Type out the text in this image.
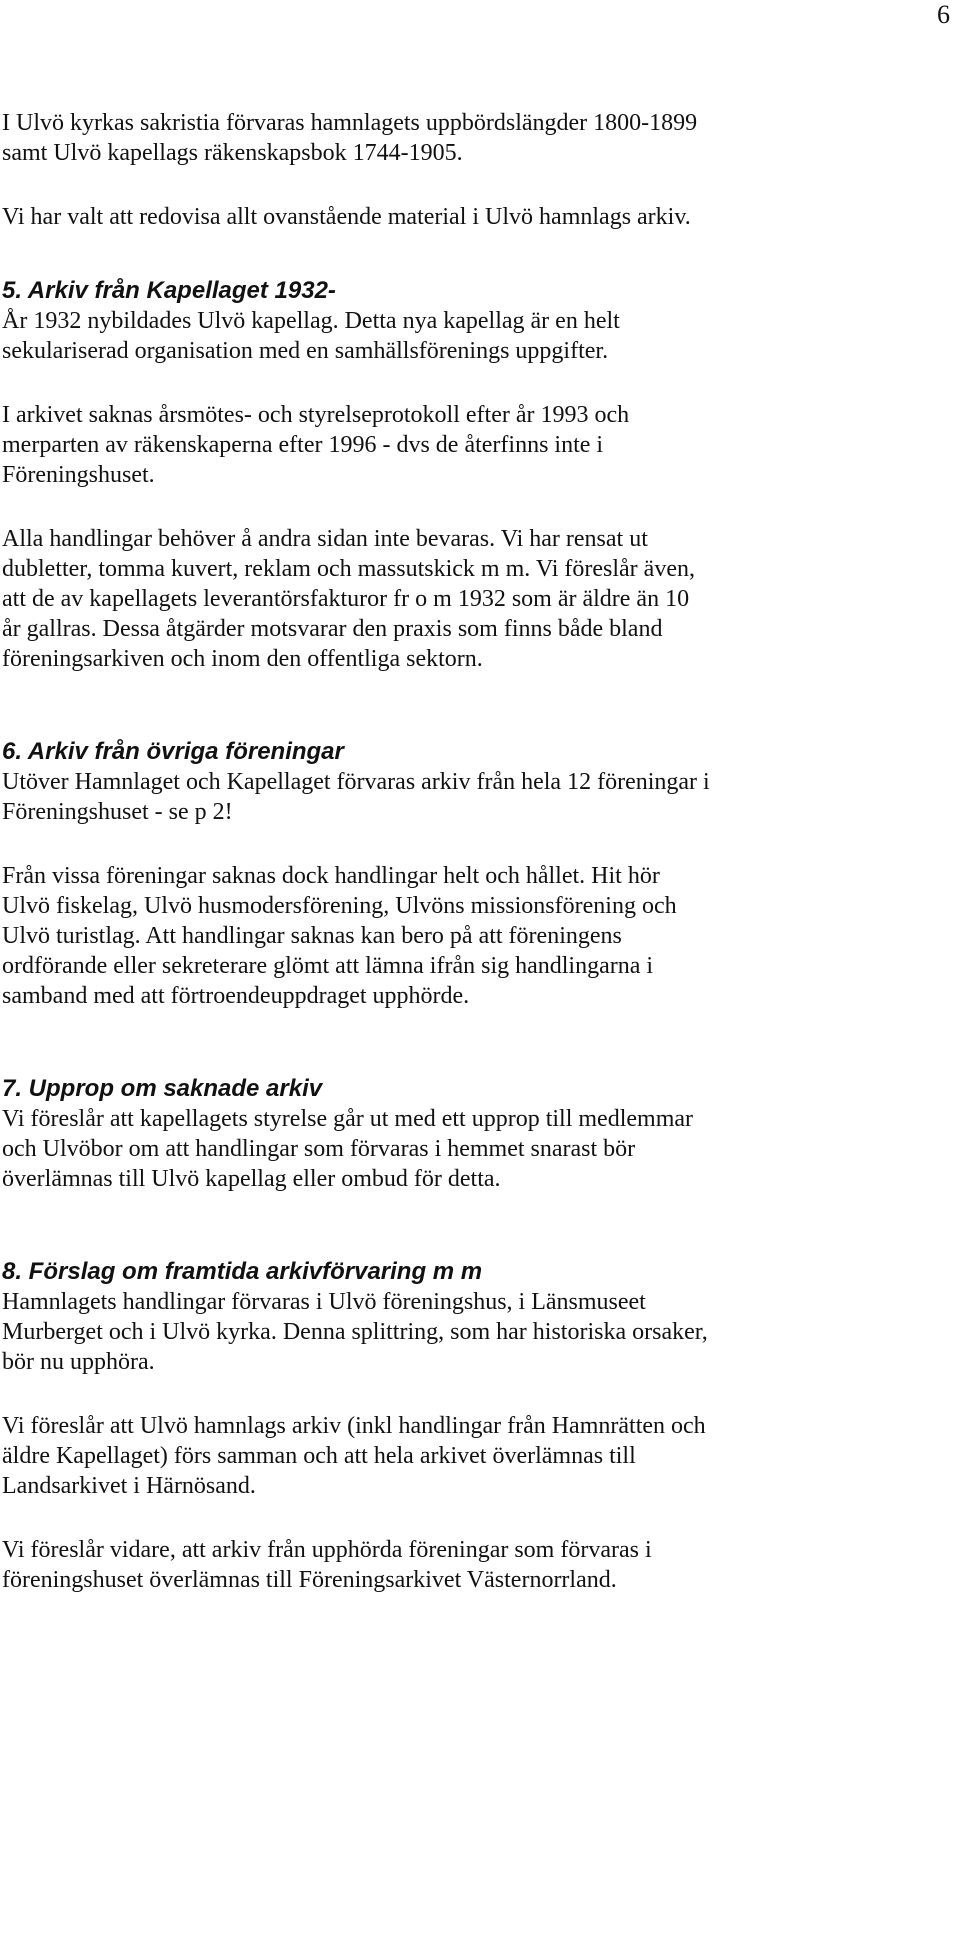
6

I Ulvö kyrkas sakristia förvaras hamnlagets uppbördslängder 1800-1899
samt Ulvö kapellags räkenskapsbok 1744-1905.

Vi har valt att redovisa allt ovanstående material i Ulvö hamnlags arkiv.

5. Arkiv från Kapellaget 1932-

År 1932 nybildades Ulvö kapellag. Detta nya kapellag är en helt
sekulariserad organisation med en samhällsförenings uppgifter.

I arkivet saknas årsmötes- och styrelseprotokoll efter år 1993 och
merparten av räkenskaperna efter 1996 - dvs de återfinns inte i
Föreningshuset.

Alla handlingar behöver å andra sidan inte bevaras. Vi har rensat ut
dubletter, tomma kuvert, reklam och massutskick m m. Vi föreslår även,
att de av kapellagets leverantörsfakturor fr o m 1932 som är äldre än 10
år gallras. Dessa åtgärder motsvarar den praxis som finns både bland
föreningsarkiven och inom den offentliga sektorn.

6. Arkiv från övriga föreningar

Utöver Hamnlaget och Kapellaget förvaras arkiv från hela 12 föreningar i
Föreningshuset - se p 2!

Från vissa föreningar saknas dock handlingar helt och hållet. Hit hör
Ulvö fiskelag, Ulvö husmodersförening, Ulvöns missionsförening och
Ulvö turistlag. Att handlingar saknas kan bero på att föreningens
ordförande eller sekreterare glömt att lämna ifrån sig handlingarna i
samband med att förtroendeuppdraget upphörde.

7. Upprop om saknade arkiv

Vi föreslår att kapellagets styrelse går ut med ett upprop till medlemmar
och Ulvöbor om att handlingar som förvaras i hemmet snarast bör
överlämnas till Ulvö kapellag eller ombud för detta.

8. Förslag om framtida arkivförvaring m m

Hamnlagets handlingar förvaras i Ulvö föreningshus, i Länsmuseet
Murberget och i Ulvö kyrka. Denna splittring, som har historiska orsaker,
bör nu upphöra.

Vi föreslår att Ulvö hamnlags arkiv (inkl handlingar från Hamnrätten och
äldre Kapellaget) förs samman och att hela arkivet överlämnas till
Landsarkivet i Härnösand.

Vi föreslår vidare, att arkiv från upphörda föreningar som förvaras i
föreningshuset överlämnas till Föreningsarkivet Västernorrland.
